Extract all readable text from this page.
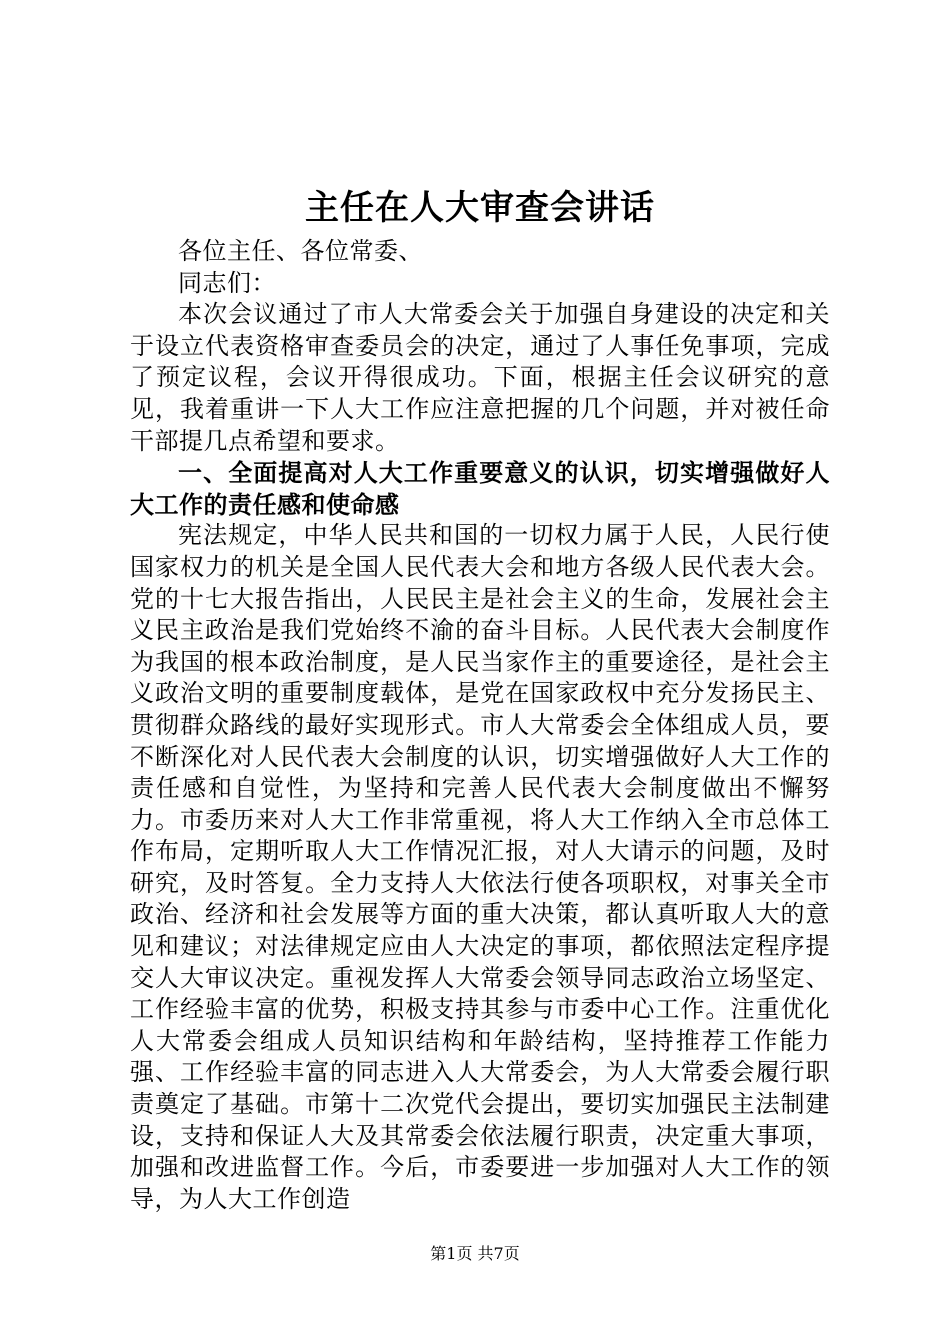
主任在人大审查会讲话

各位主任、各位常委、

同志们：

本次会议通过了市人大常委会关于加强自身建设的决定和关于设立代表资格审查委员会的决定，通过了人事任免事项，完成了预定议程，会议开得很成功。下面，根据主任会议研究的意见，我着重讲一下人大工作应注意把握的几个问题，并对被任命干部提几点希望和要求。

一、全面提高对人大工作重要意义的认识，切实增强做好人大工作的责任感和使命感

宪法规定，中华人民共和国的一切权力属于人民，人民行使国家权力的机关是全国人民代表大会和地方各级人民代表大会。党的十七大报告指出，人民民主是社会主义的生命，发展社会主义民主政治是我们党始终不渝的奋斗目标。人民代表大会制度作为我国的根本政治制度，是人民当家作主的重要途径，是社会主义政治文明的重要制度载体，是党在国家政权中充分发扬民主、贯彻群众路线的最好实现形式。市人大常委会全体组成人员，要不断深化对人民代表大会制度的认识，切实增强做好人大工作的责任感和自觉性，为坚持和完善人民代表大会制度做出不懈努力。市委历来对人大工作非常重视，将人大工作纳入全市总体工作布局，定期听取人大工作情况汇报，对人大请示的问题，及时研究，及时答复。全力支持人大依法行使各项职权，对事关全市政治、经济和社会发展等方面的重大决策，都认真听取人大的意见和建议；对法律规定应由人大决定的事项，都依照法定程序提交人大审议决定。重视发挥人大常委会领导同志政治立场坚定、工作经验丰富的优势，积极支持其参与市委中心工作。注重优化人大常委会组成人员知识结构和年龄结构，坚持推荐工作能力强、工作经验丰富的同志进入人大常委会，为人大常委会履行职责奠定了基础。市第十二次党代会提出，要切实加强民主法制建设，支持和保证人大及其常委会依法履行职责，决定重大事项，加强和改进监督工作。今后，市委要进一步加强对人大工作的领导，为人大工作创造

第1页 共7页
